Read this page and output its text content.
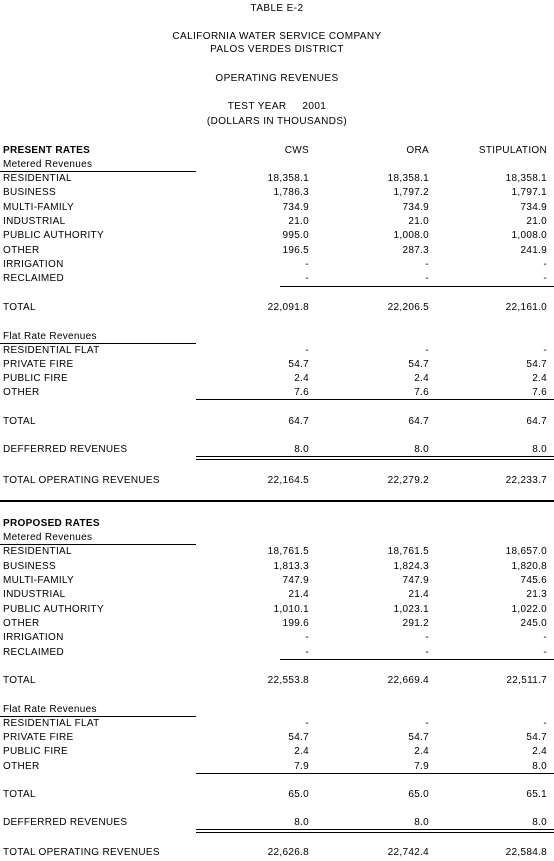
TABLE E-2
CALIFORNIA WATER SERVICE COMPANY
PALOS VERDES DISTRICT
OPERATING REVENUES
TEST YEAR     2001
(DOLLARS IN THOUSANDS)
PRESENT RATES	CWS	ORA	STIPULATION
Metered Revenues
RESIDENTIAL	18,358.1	18,358.1	18,358.1
BUSINESS	1,786.3	1,797.2	1,797.1
MULTI-FAMILY	734.9	734.9	734.9
INDUSTRIAL	21.0	21.0	21.0
PUBLIC AUTHORITY	995.0	1,008.0	1,008.0
OTHER	196.5	287.3	241.9
IRRIGATION	-	-	-
RECLAIMED	-	-	-
TOTAL	22,091.8	22,206.5	22,161.0
Flat Rate Revenues
RESIDENTIAL FLAT	-	-	-
PRIVATE FIRE	54.7	54.7	54.7
PUBLIC FIRE	2.4	2.4	2.4
OTHER	7.6	7.6	7.6
TOTAL	64.7	64.7	64.7
DEFFERRED REVENUES	8.0	8.0	8.0
TOTAL OPERATING REVENUES	22,164.5	22,279.2	22,233.7
PROPOSED RATES
Metered Revenues
RESIDENTIAL	18,761.5	18,761.5	18,657.0
BUSINESS	1,813.3	1,824.3	1,820.8
MULTI-FAMILY	747.9	747.9	745.6
INDUSTRIAL	21.4	21.4	21.3
PUBLIC AUTHORITY	1,010.1	1,023.1	1,022.0
OTHER	199.6	291.2	245.0
IRRIGATION	-	-	-
RECLAIMED	-	-	-
TOTAL	22,553.8	22,669.4	22,511.7
Flat Rate Revenues
RESIDENTIAL FLAT	-	-	-
PRIVATE FIRE	54.7	54.7	54.7
PUBLIC FIRE	2.4	2.4	2.4
OTHER	7.9	7.9	8.0
TOTAL	65.0	65.0	65.1
DEFFERRED REVENUES	8.0	8.0	8.0
TOTAL OPERATING REVENUES	22,626.8	22,742.4	22,584.8
